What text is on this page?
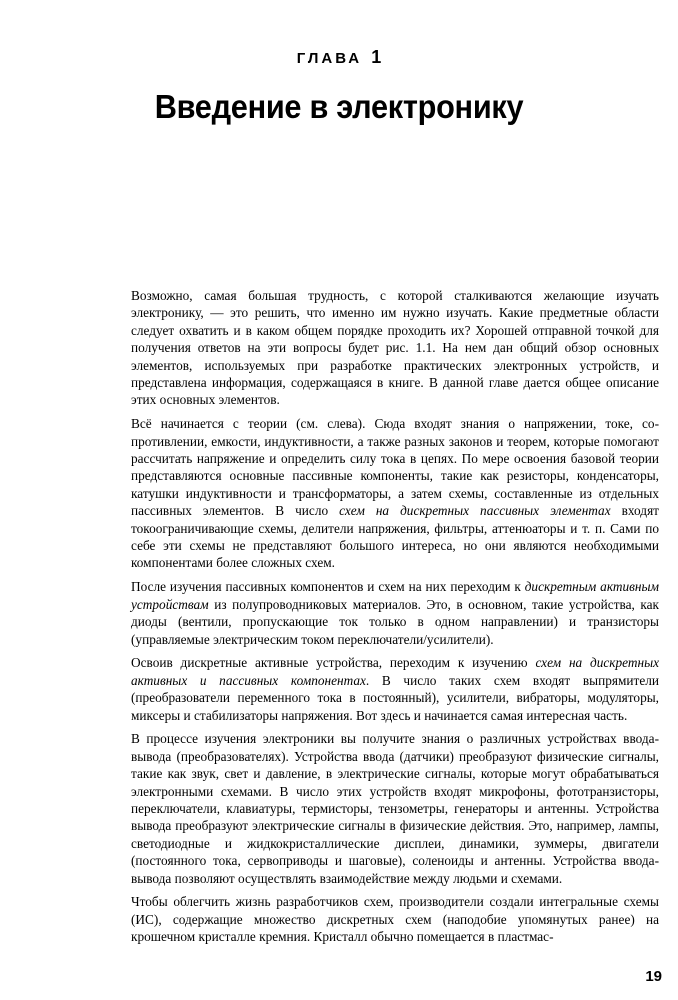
ГЛАВА 1
Введение в электронику

Возможно, самая большая трудность, с которой сталкиваются желающие изучать электронику, — это решить, что именно им нужно изучать. Какие предметные области следует охватить и в каком общем порядке проходить их? Хорошей отправной точкой для получения ответов на эти вопросы будет рис. 1.1. На нем дан общий обзор основных элементов, используемых при разработке практических электронных устройств, и представлена информация, содержащаяся в книге. В данной главе дается общее описание этих основных элементов.

Всё начинается с теории (см. слева). Сюда входят знания о напряжении, токе, сопротивлении, емкости, индуктивности, а также разных законов и теорем, которые помогают рассчитать напряжение и определить силу тока в цепях. По мере освоения базовой теории представляются основные пассивные компоненты, такие как резисторы, конденсаторы, катушки индуктивности и трансформаторы, а затем схемы, составленные из отдельных пассивных элементов. В число схем на дискретных пассивных элементах входят токоограничивающие схемы, делители напряжения, фильтры, аттенюаторы и т. п. Сами по себе эти схемы не представляют большого интереса, но они являются необходимыми компонентами более сложных схем.

После изучения пассивных компонентов и схем на них переходим к дискретным активным устройствам из полупроводниковых материалов. Это, в основном, такие устройства, как диоды (вентили, пропускающие ток только в одном направлении) и транзисторы (управляемые электрическим током переключатели/усилители).

Освоив дискретные активные устройства, переходим к изучению схем на дискретных активных и пассивных компонентах. В число таких схем входят выпрямители (преобразователи переменного тока в постоянный), усилители, вибраторы, модуляторы, миксеры и стабилизаторы напряжения. Вот здесь и начинается самая интересная часть.

В процессе изучения электроники вы получите знания о различных устройствах ввода-вывода (преобразователях). Устройства ввода (датчики) преобразуют физические сигналы, такие как звук, свет и давление, в электрические сигналы, которые могут обрабатываться электронными схемами. В число этих устройств входят микрофоны, фототранзисторы, переключатели, клавиатуры, термисторы, тензометры, генераторы и антенны. Устройства вывода преобразуют электрические сигналы в физические действия. Это, например, лампы, светодиодные и жидкокристаллические дисплеи, динамики, зуммеры, двигатели (постоянного тока, сервоприводы и шаговые), соленоиды и антенны. Устройства ввода-вывода позволяют осуществлять взаимодействие между людьми и схемами.

Чтобы облегчить жизнь разработчиков схем, производители создали интегральные схемы (ИС), содержащие множество дискретных схем (наподобие упомянутых ранее) на крошечном кристалле кремния. Кристалл обычно помещается в пластмас-

19
